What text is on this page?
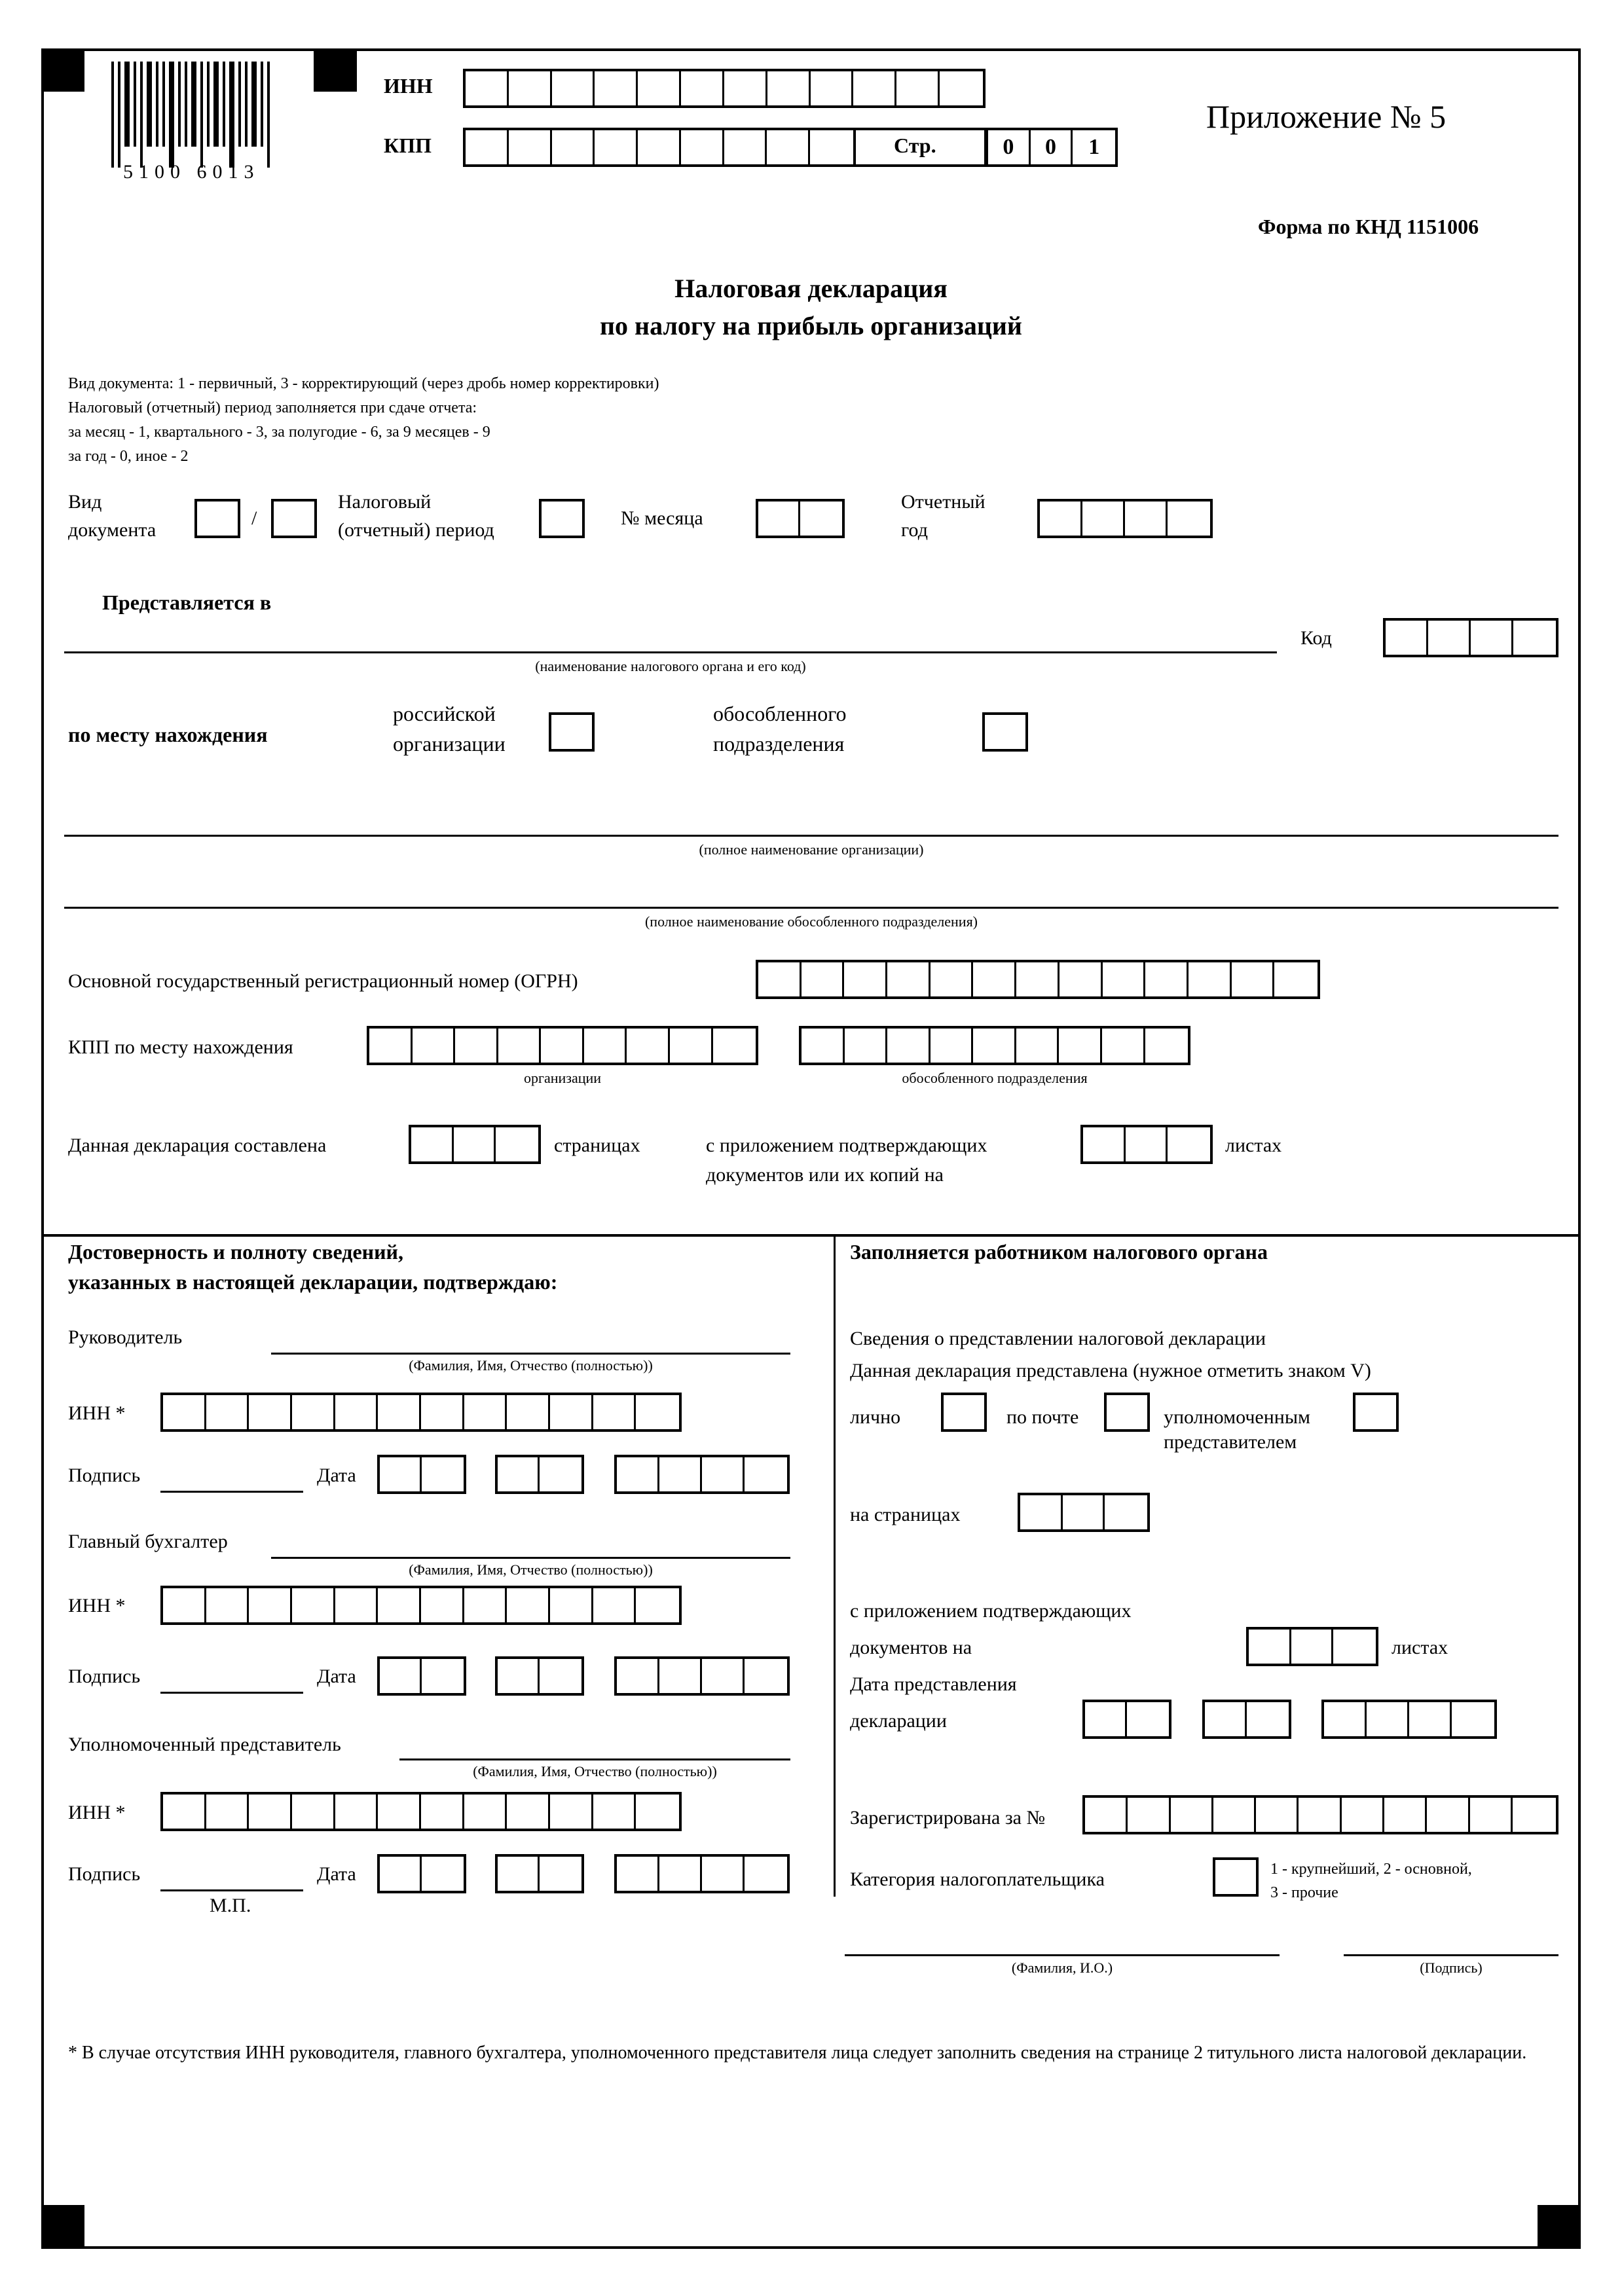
5100 6013
ИНН
КПП	Стр.	0	0	1
Приложение № 5
Форма по КНД 1151006
Налоговая декларация
по налогу на прибыль организаций
Вид документа: 1 - первичный, 3 - корректирующий (через дробь номер корректировки)
Налоговый (отчетный) период заполняется при сдаче отчета:
за месяц - 1, квартального - 3, за полугодие - 6, за 9 месяцев - 9
за год - 0, иное - 2
Вид
документа
/
Налоговый
(отчетный) период
№ месяца
Отчетный
год
Представляется в
(наименование налогового органа и его код)
Код
по месту нахождения
российской
организации
обособленного
подразделения
(полное наименование организации)
(полное наименование обособленного подразделения)
Основной государственный регистрационный номер (ОГРН)
КПП по месту нахождения
организации	обособленного подразделения
Данная декларация составлена	страницах	с приложением подтверждающих
документов или их копий на
листах
Достоверность и полноту сведений,
указанных в настоящей декларации, подтверждаю:
Руководитель
(Фамилия, Имя, Отчество (полностью))
ИНН *
Подпись	Дата
Главный бухгалтер
(Фамилия, Имя, Отчество (полностью))
ИНН *
Подпись	Дата
Уполномоченный представитель
(Фамилия, Имя, Отчество (полностью))
ИНН *
Подпись	Дата
М.П.
Заполняется работником налогового органа
Сведения о представлении налоговой декларации
Данная декларация представлена (нужное отметить знаком V)
лично	по почте	уполномоченным
представителем
на страницах
с приложением подтверждающих
документов на	листах
Дата представления
декларации
Зарегистрирована за №
Категория налогоплательщика	1 - крупнейший, 2 - основной,
3 - прочие
(Фамилия, И.О.)	(Подпись)
* В случае отсутствия ИНН руководителя, главного бухгалтера, уполномоченного представителя лица следует заполнить сведения на странице 2 титульного листа налоговой декларации.
